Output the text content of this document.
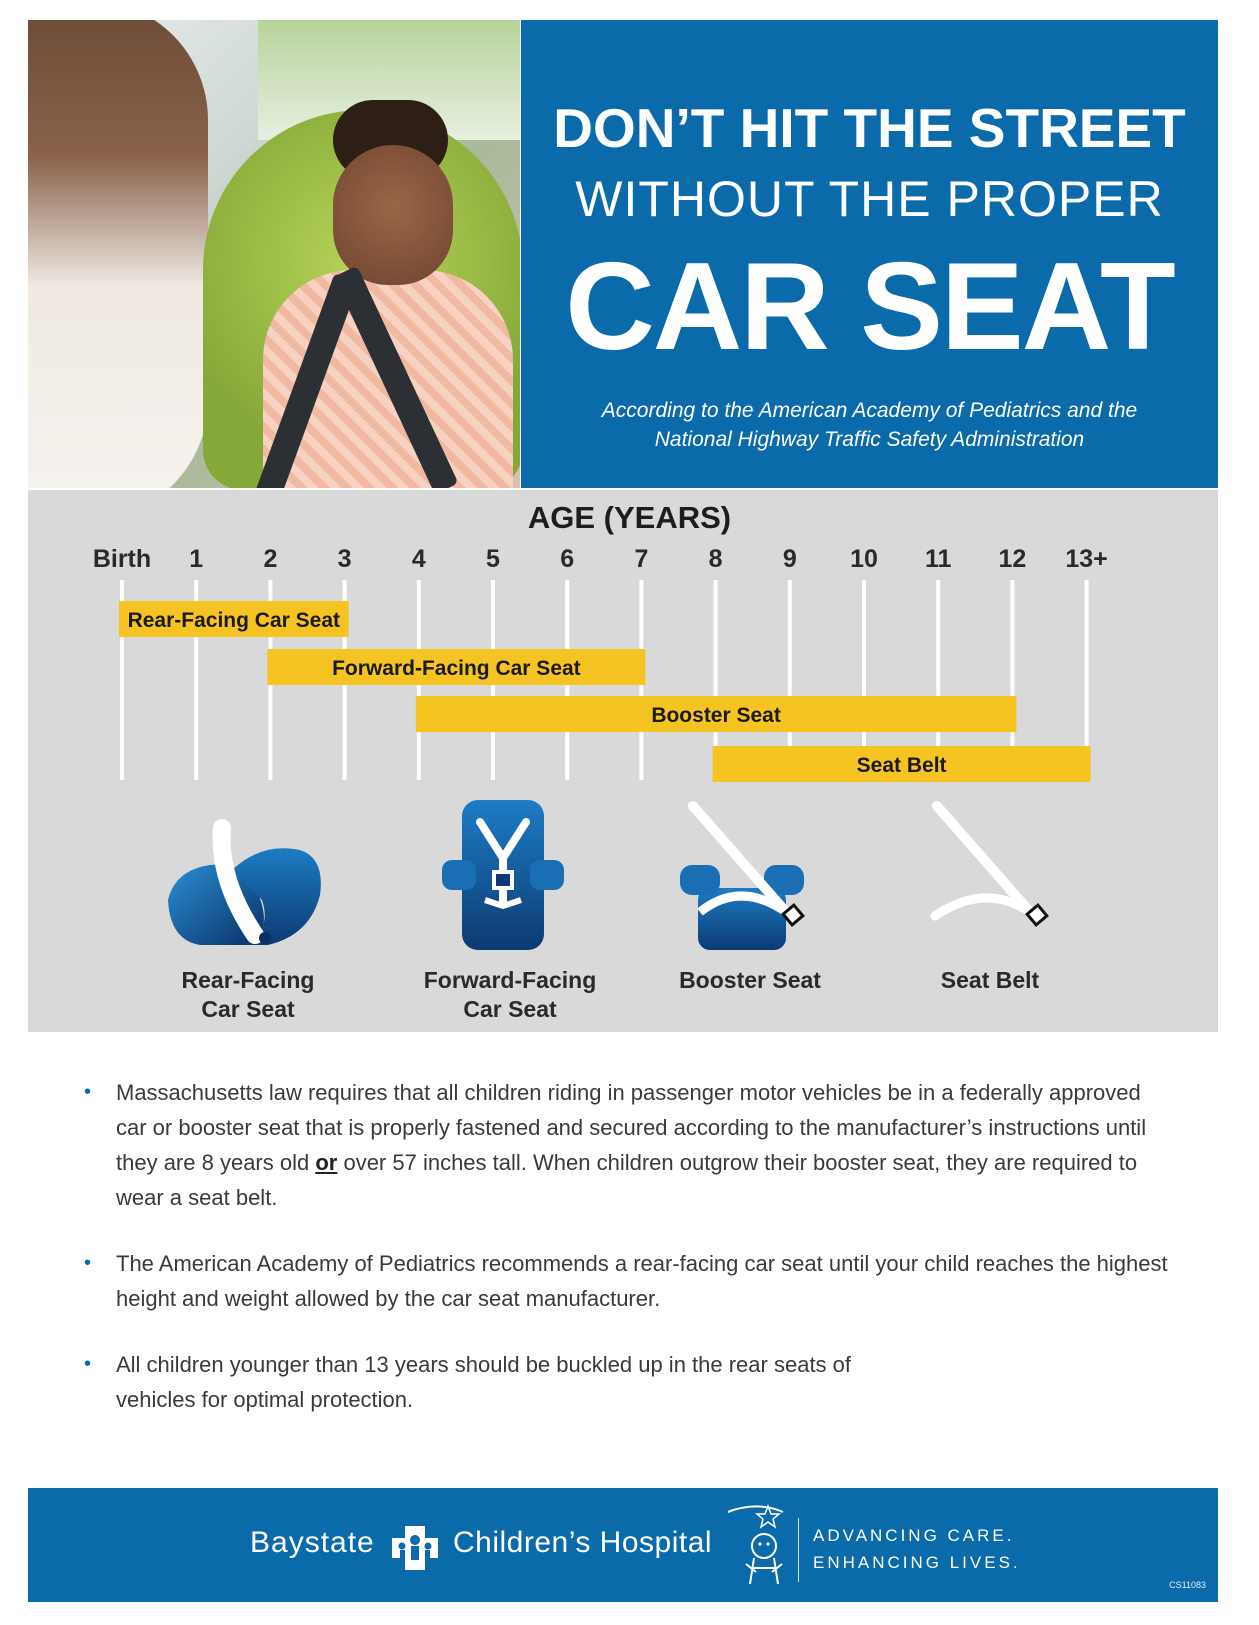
DON’T HIT THE STREET
WITHOUT THE PROPER
CAR SEAT
According to the American Academy of Pediatrics and the
National Highway Traffic Safety Administration
AGE (YEARS)
Birth 1 2 3 4 5 6 7 8 9 10 11 12 13+
Rear-Facing Car Seat
Forward-Facing Car Seat
Booster Seat
Seat Belt
Rear-Facing
Car Seat
Forward-Facing
Car Seat
Booster Seat	Seat Belt
• Massachusetts law requires that all children riding in passenger motor vehicles be in a federally approved car or booster seat that is properly fastened and secured according to the manufacturer’s instructions until they are 8 years old or over 57 inches tall. When children outgrow their booster seat, they are required to wear a seat belt.
• The American Academy of Pediatrics recommends a rear-facing car seat until your child reaches the highest height and weight allowed by the car seat manufacturer.
• All children younger than 13 years should be buckled up in the rear seats of vehicles for optimal protection.
Baystate	Children’s Hospital	ADVANCING CARE.
ENHANCING LIVES.
CS11083
